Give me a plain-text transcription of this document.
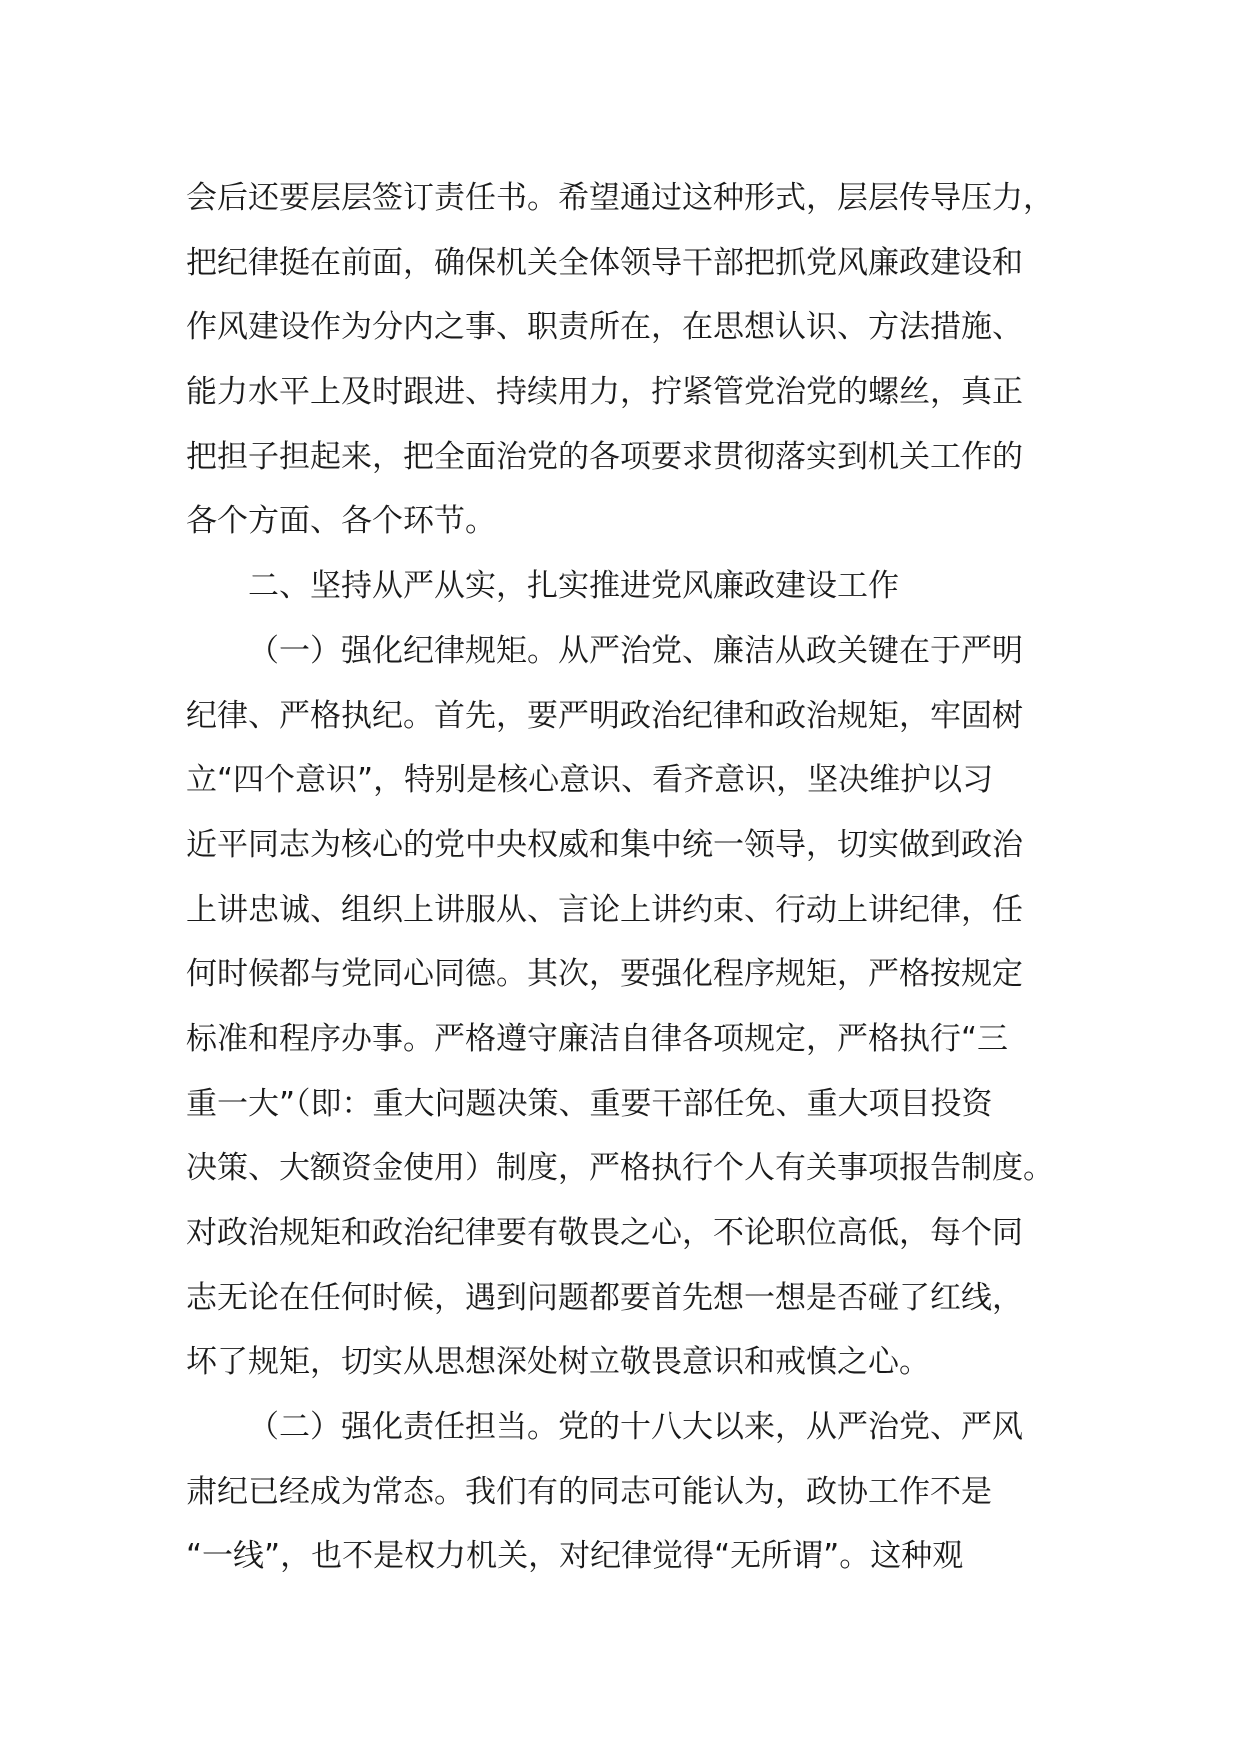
会后还要层层签订责任书。希望通过这种形式，层层传导压力，
把纪律挺在前面，确保机关全体领导干部把抓党风廉政建设和
作风建设作为分内之事、职责所在，在思想认识、方法措施、
能力水平上及时跟进、持续用力，拧紧管党治党的螺丝，真正
把担子担起来，把全面治党的各项要求贯彻落实到机关工作的
各个方面、各个环节。
二、坚持从严从实，扎实推进党风廉政建设工作
（一）强化纪律规矩。从严治党、廉洁从政关键在于严明
纪律、严格执纪。首先，要严明政治纪律和政治规矩，牢固树
立“四个意识”，特别是核心意识、看齐意识，坚决维护以习
近平同志为核心的党中央权威和集中统一领导，切实做到政治
上讲忠诚、组织上讲服从、言论上讲约束、行动上讲纪律，任
何时候都与党同心同德。其次，要强化程序规矩，严格按规定
标准和程序办事。严格遵守廉洁自律各项规定，严格执行“三
重一大”（即：重大问题决策、重要干部任免、重大项目投资
决策、大额资金使用）制度，严格执行个人有关事项报告制度。
对政治规矩和政治纪律要有敬畏之心，不论职位高低，每个同
志无论在任何时候，遇到问题都要首先想一想是否碰了红线，
坏了规矩，切实从思想深处树立敬畏意识和戒慎之心。
（二）强化责任担当。党的十八大以来，从严治党、严风
肃纪已经成为常态。我们有的同志可能认为，政协工作不是
“一线”，也不是权力机关，对纪律觉得“无所谓”。这种观
